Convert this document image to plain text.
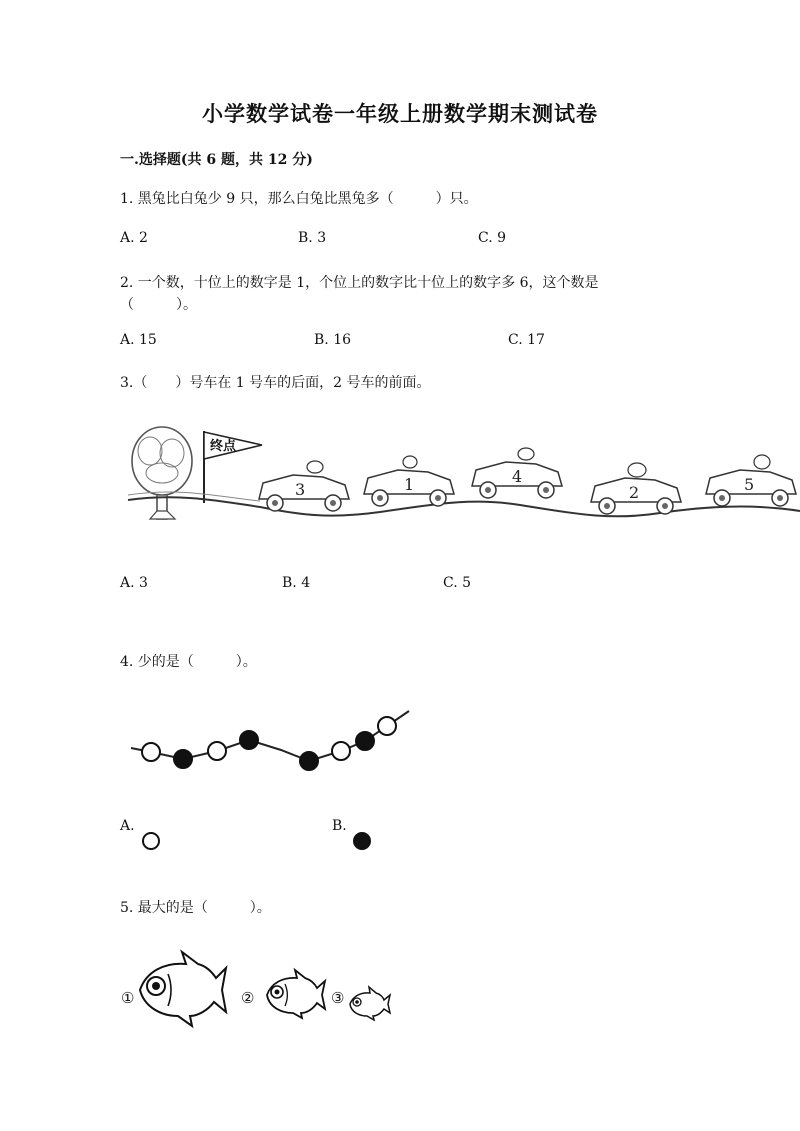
小学数学试卷一年级上册数学期末测试卷
一.选择题(共 6 题，共 12 分)
1. 黑兔比白兔少 9 只，那么白兔比黑兔多（　　　）只。
A. 2	B. 3	C. 9
2. 一个数，十位上的数字是 1，个位上的数字比十位上的数字多 6，这个数是
（　　　）。
A. 15	B. 16	C. 17
3.（　　）号车在 1 号车的后面，2 号车的前面。
终点
3	1	4
2	5
A. 3	B. 4	C. 5
4. 少的是（　　　）。
A.	B.
5. 最大的是（　　　）。
①	②	③
